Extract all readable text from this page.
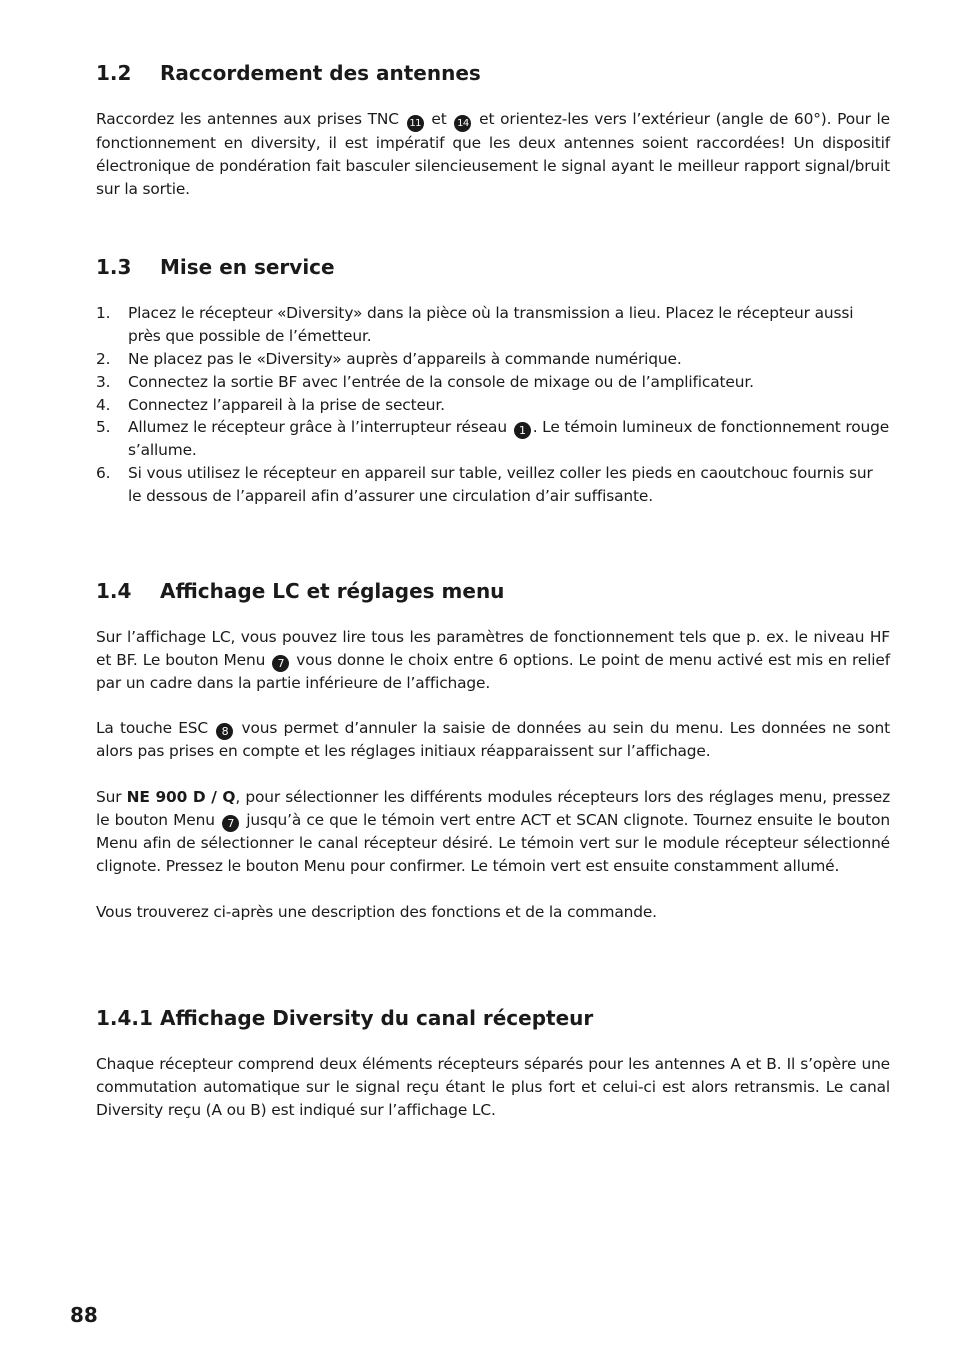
1.2	Raccordement des antennes

Raccordez les antennes aux prises TNC 11 et 14 et orientez-les vers l’extérieur (angle de 60°). Pour le fonctionnement en diversity, il est impératif que les deux antennes soient raccordées! Un dispositif électronique de pondération fait basculer silencieusement le signal ayant le meilleur rapport signal/bruit sur la sortie.

1.3	Mise en service
1.	Placez le récepteur «Diversity» dans la pièce où la transmission a lieu. Placez le récepteur aussi près que possible de l’émetteur.
2.	Ne placez pas le «Diversity» auprès d’appareils à commande numérique.
3.	Connectez la sortie BF avec l’entrée de la console de mixage ou de l’amplificateur.
4.	Connectez l’appareil à la prise de secteur.
5.	Allumez le récepteur grâce à l’interrupteur réseau 1 . Le témoin lumineux de fonctionnement rouge s’allume.
6.	Si vous utilisez le récepteur en appareil sur table, veillez coller les pieds en caoutchouc fournis sur le dessous de l’appareil afin d’assurer une circulation d’air suffisante.
1.4	Affichage LC et réglages menu

Sur l’affichage LC, vous pouvez lire tous les paramètres de fonctionnement tels que p. ex. le niveau HF et BF. Le bouton Menu 7 vous donne le choix entre 6 options. Le point de menu activé est mis en relief par un cadre dans la partie inférieure de l’affichage.

La touche ESC 8 vous permet d’annuler la saisie de données au sein du menu. Les données ne sont alors pas prises en compte et les réglages initiaux réapparaissent sur l’affichage.

Sur NE 900 D / Q, pour sélectionner les différents modules récepteurs lors des réglages menu, pressez le bouton Menu 7 jusqu’à ce que le témoin vert entre ACT et SCAN clignote. Tournez ensuite le bouton Menu afin de sélectionner le canal récepteur désiré. Le témoin vert sur le module récepteur sélectionné clignote. Pressez le bouton Menu pour confirmer. Le témoin vert est ensuite constamment allumé.

Vous trouverez ci-après une description des fonctions et de la commande.

1.4.1 Affichage Diversity du canal récepteur

Chaque récepteur comprend deux éléments récepteurs séparés pour les antennes A et B. Il s’opère une commutation automatique sur le signal reçu étant le plus fort et celui-ci est alors retransmis. Le canal Diversity reçu (A ou B) est indiqué sur l’affichage LC.

88
